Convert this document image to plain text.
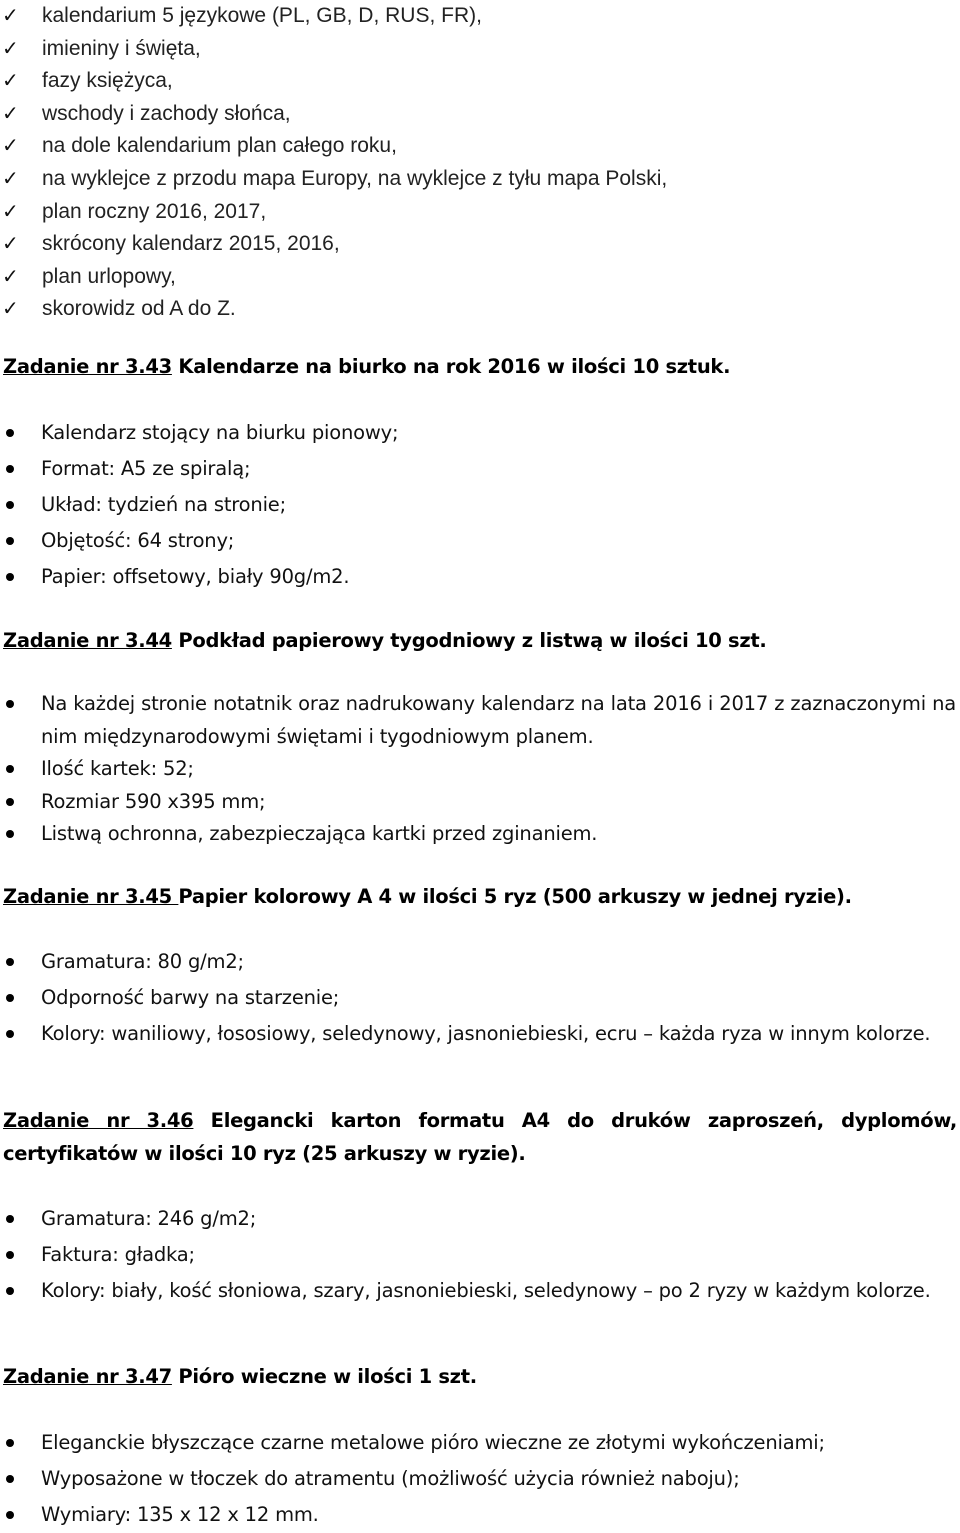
✓ kalendarium 5 językowe (PL, GB, D, RUS, FR),
✓ imieniny i święta,
✓ fazy księżyca,
✓ wschody i zachody słońca,
✓ na dole kalendarium plan całego roku,
✓ na wyklejce z przodu mapa Europy, na wyklejce z tyłu mapa Polski,
✓ plan roczny 2016, 2017,
✓ skrócony kalendarz 2015, 2016,
✓ plan urlopowy,
✓ skorowidz od A do Z.
Zadanie nr 3.43 Kalendarze na biurko na rok 2016 w ilości 10 sztuk.
Kalendarz stojący na biurku pionowy;
Format: A5 ze spiralą;
Układ: tydzień na stronie;
Objętość: 64 strony;
Papier: offsetowy, biały 90g/m2.
Zadanie nr 3.44 Podkład papierowy tygodniowy z listwą w ilości 10 szt.
Na każdej stronie notatnik oraz nadrukowany kalendarz na lata 2016 i 2017 z zaznaczonymi na nim międzynarodowymi świętami i tygodniowym planem.
Ilość kartek: 52;
Rozmiar 590 x395 mm;
Listwą ochronna, zabezpieczająca kartki przed zginaniem.
Zadanie nr 3.45 Papier kolorowy A 4 w ilości 5 ryz (500 arkuszy w jednej ryzie).
Gramatura: 80 g/m2;
Odporność barwy na starzenie;
Kolory: waniliowy, łososiowy, seledynowy, jasnoniebieski, ecru – każda ryza w innym kolorze.
Zadanie nr 3.46 Elegancki karton formatu A4 do druków zaproszeń, dyplomów, certyfikatów w ilości 10 ryz (25 arkuszy w ryzie).
Gramatura: 246 g/m2;
Faktura: gładka;
Kolory: biały, kość słoniowa, szary, jasnoniebieski, seledynowy – po 2 ryzy w każdym kolorze.
Zadanie nr 3.47 Pióro wieczne w ilości 1 szt.
Eleganckie błyszczące czarne metalowe pióro wieczne ze złotymi wykończeniami;
Wyposażone w tłoczek do atramentu (możliwość użycia również naboju);
Wymiary: 135 x 12 x 12 mm.
